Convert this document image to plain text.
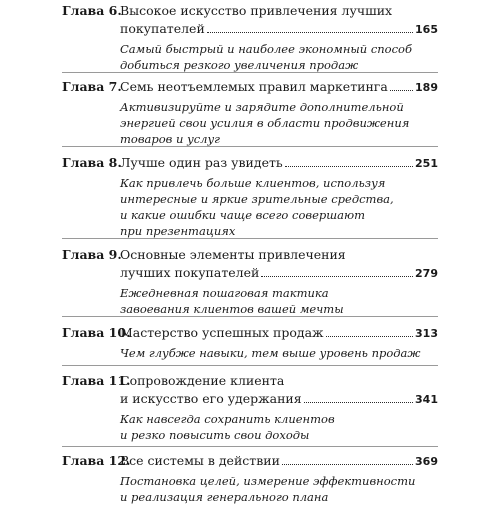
Глава 6.
Высокое искусство привлечения лучших
покупателей	165
Самый быстрый и наиболее экономный способ
добиться резкого увеличения продаж
Глава 7.
Семь неотъемлемых правил маркетинга 189
Активизируйте и зарядите дополнительной
энергией свои усилия в области продвижения
товаров и услуг
Глава 8.
Лучше один раз увидеть	251
Как привлечь больше клиентов, используя
интересные и яркие зрительные средства,
и какие ошибки чаще всего совершают
при презентациях
Глава 9.
Основные элементы привлечения
лучших покупателей	279
Ежедневная пошаговая тактика
завоевания клиентов вашей мечты
Глава 10.
Мастерство успешных продаж	313
Чем глубже навыки, тем выше уровень продаж
Глава 11.
Сопровождение клиента
и искусство его удержания	341
Как навсегда сохранить клиентов
и резко повысить свои доходы
Глава 12.
Все системы в действии	369
Постановка целей, измерение эффективности
и реализация генерального плана
